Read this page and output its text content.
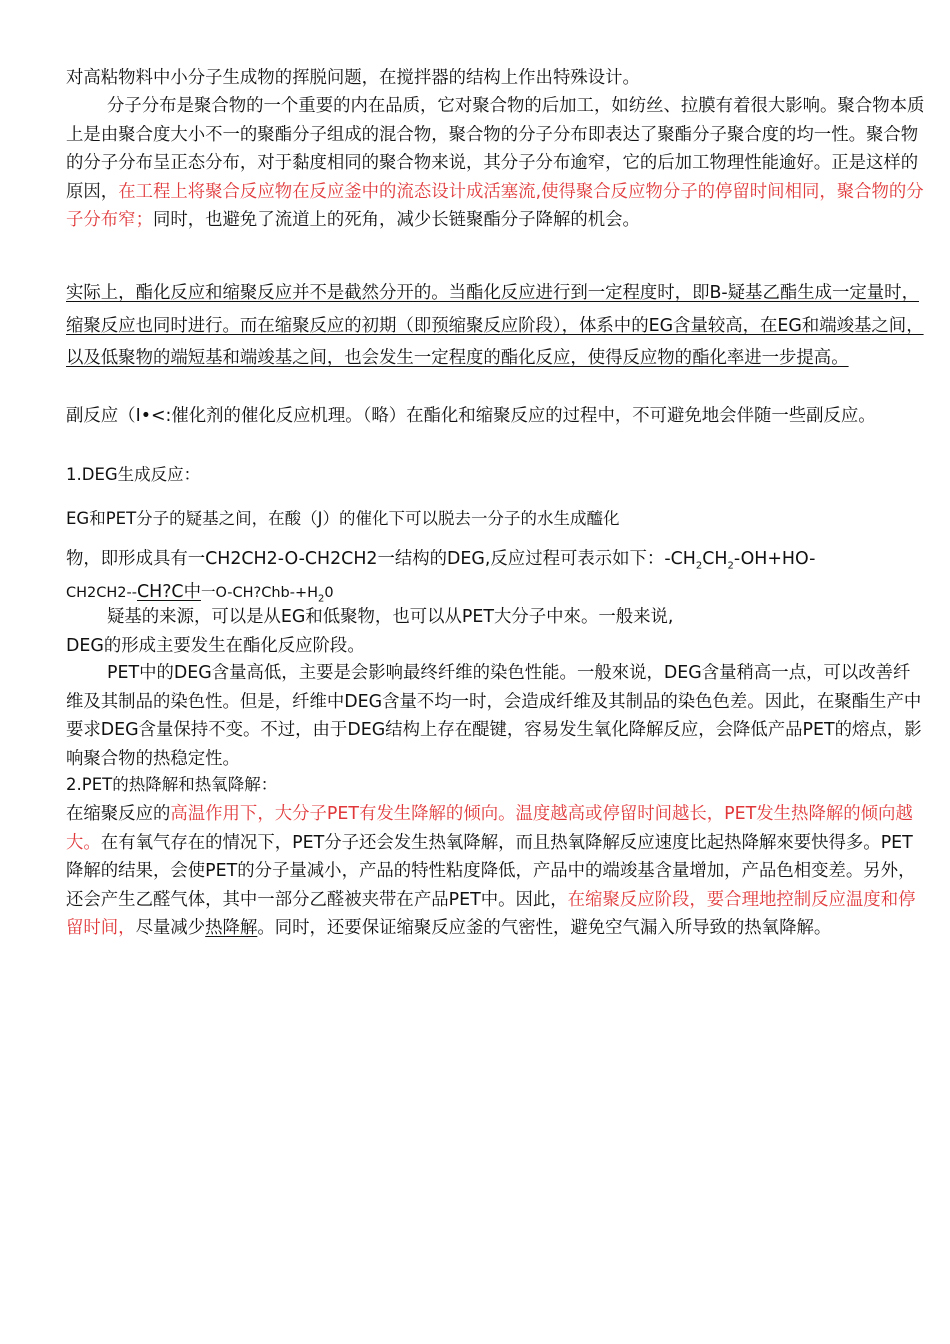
对高粘物料中小分子生成物的挥脱问题，在搅拌器的结构上作出特殊设计。

分子分布是聚合物的一个重要的内在品质，它对聚合物的后加工，如纺丝、拉膜有着很大影响。聚合物本质上是由聚合度大小不一的聚酯分子组成的混合物，聚合物的分子分布即表达了聚酯分子聚合度的均一性。聚合物的分子分布呈正态分布，对于黏度相同的聚合物来说，其分子分布逾窄，它的后加工物理性能逾好。正是这样的原因，在工程上将聚合反应物在反应釜中的流态设计成活塞流,使得聚合反应物分子的停留时间相同，聚合物的分子分布窄；同时，也避免了流道上的死角，减少长链聚酯分子降解的机会。

实际上，酯化反应和缩聚反应并不是截然分开的。当酯化反应进行到一定程度时，即B-疑基乙酯生成一定量时，缩聚反应也同时进行。而在缩聚反应的初期（即预缩聚反应阶段），体系中的EG含量较高，在EG和端竣基之间，以及低聚物的端短基和端竣基之间，也会发生一定程度的酯化反应，使得反应物的酯化率进一步提高。

副反应（I•<:催化剂的催化反应机理。（略）在酯化和缩聚反应的过程中，不可避免地会伴随一些副反应。

1.DEG生成反应：

EG和PET分子的疑基之间，在酸（J）的催化下可以脱去一分子的水生成醯化

物，即形成具有一CH2CH2-O-CH2CH2一结构的DEG,反应过程可表示如下：$-CH_2CH_2-OH+HO-$
CH2CH2--CH?C中一$O-CH?Chb-+H_20$

疑基的来源，可以是从EG和低聚物，也可以从PET大分子中來。一般来说,
DEG的形成主要发生在酯化反应阶段。

PET中的DEG含量高低，主要是会影响最终纤维的染色性能。一般來说，DEG含量稍高一点，可以改善纤维及其制品的染色性。但是，纤维中DEG含量不均一时，会造成纤维及其制品的染色色差。因此，在聚酯生产中要求DEG含量保持不变。不过，由于DEG结构上存在醍键，容易发生氧化降解反应，会降低产品PET的熔点，影响聚合物的热稳定性。

2.PET的热降解和热氧降解：

在缩聚反应的高温作用下，大分子PET有发生降解的倾向。温度越高或停留时间越长，PET发生热降解的倾向越大。在有氧气存在的情况下，PET分子还会发生热氧降解，而且热氧降解反应速度比起热降解來要快得多。PET降解的结果，会使PET的分子量减小，产品的特性粘度降低，产品中的端竣基含量增加，产品色相变差。另外，还会产生乙醛气体，其中一部分乙醛被夹带在产品PET中。因此，在缩聚反应阶段，要合理地控制反应温度和停留时间，尽量减少热降解。同时，还要保证缩聚反应釜的气密性，避免空气漏入所导致的热氧降解。
